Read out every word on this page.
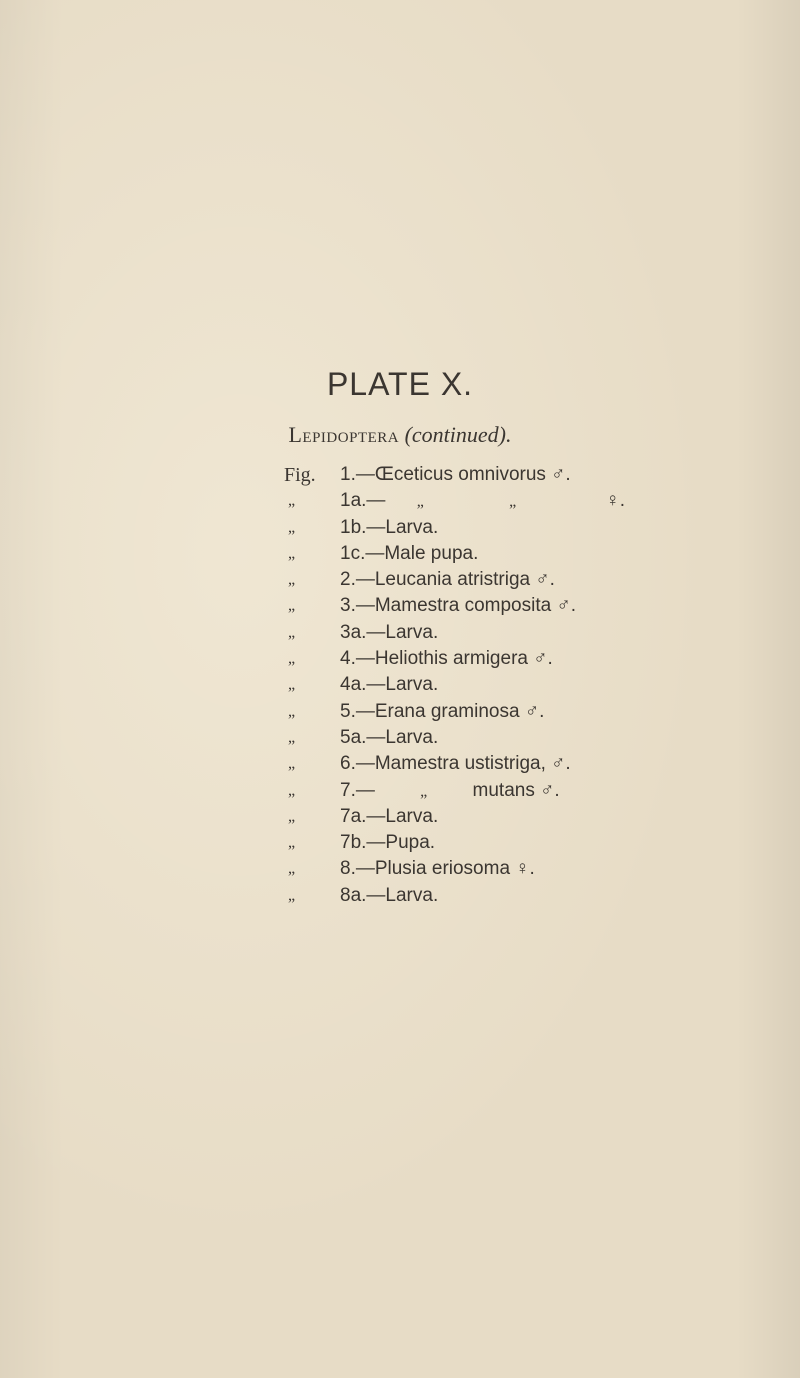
PLATE X.

Lepidoptera (continued).

Fig.	1.—Œceticus omnivorus ♂.
„	1a.— „	„	♀.
„	1b.—Larva.
„	1c.—Male pupa.
„	2.—Leucania atristriga ♂.
„	3.—Mamestra composita ♂.
„	3a.—Larva.
„	4.—Heliothis armigera ♂.
„	4a.—Larva.
„	5.—Erana graminosa ♂.
„	5a.—Larva.
„	6.—Mamestra ustistriga, ♂.
„	7.—	„ mutans ♂.
„	7a.—Larva.
„	7b.—Pupa.
„	8.—Plusia eriosoma ♀.
„	8a.—Larva.
